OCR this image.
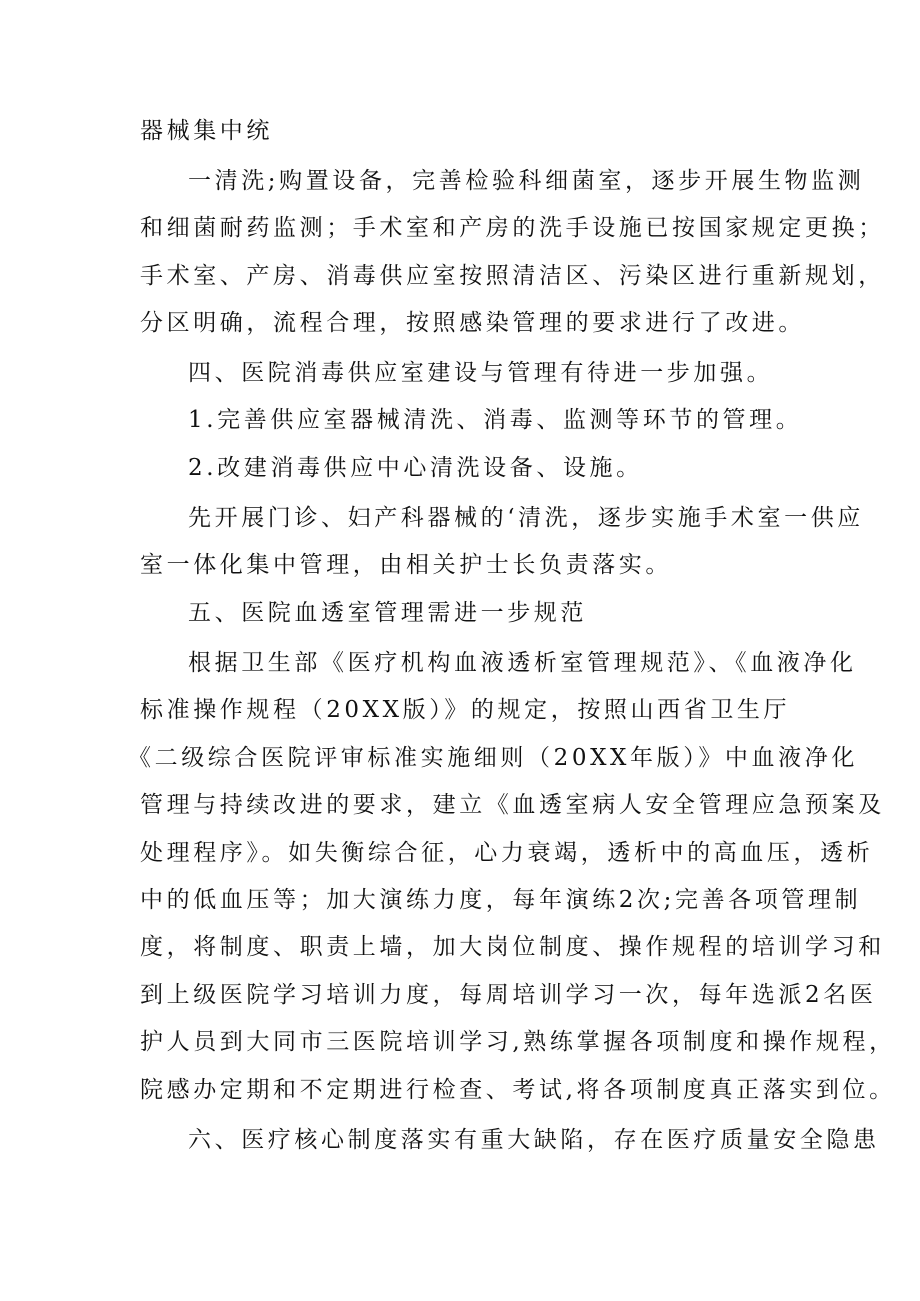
器械集中统
一清洗;购置设备，完善检验科细菌室，逐步开展生物监测
和细菌耐药监测；手术室和产房的洗手设施已按国家规定更换；
手术室、产房、消毒供应室按照清洁区、污染区进行重新规划，
分区明确，流程合理，按照感染管理的要求进行了改进。
四、医院消毒供应室建设与管理有待进一步加强。
1.完善供应室器械清洗、消毒、监测等环节的管理。
2.改建消毒供应中心清洗设备、设施。
先开展门诊、妇产科器械的‘清洗，逐步实施手术室一供应
室一体化集中管理，由相关护士长负责落实。
五、医院血透室管理需进一步规范
根据卫生部《医疗机构血液透析室管理规范》、《血液净化
标准操作规程（20XX版）》的规定，按照山西省卫生厅
《二级综合医院评审标准实施细则（20XX年版）》中血液净化
管理与持续改进的要求，建立《血透室病人安全管理应急预案及
处理程序》。如失衡综合征，心力衰竭，透析中的高血压，透析
中的低血压等；加大演练力度，每年演练2次;完善各项管理制
度，将制度、职责上墙，加大岗位制度、操作规程的培训学习和
到上级医院学习培训力度，每周培训学习一次，每年选派2名医
护人员到大同市三医院培训学习,熟练掌握各项制度和操作规程，
院感办定期和不定期进行检查、考试,将各项制度真正落实到位。
六、医疗核心制度落实有重大缺陷，存在医疗质量安全隐患
